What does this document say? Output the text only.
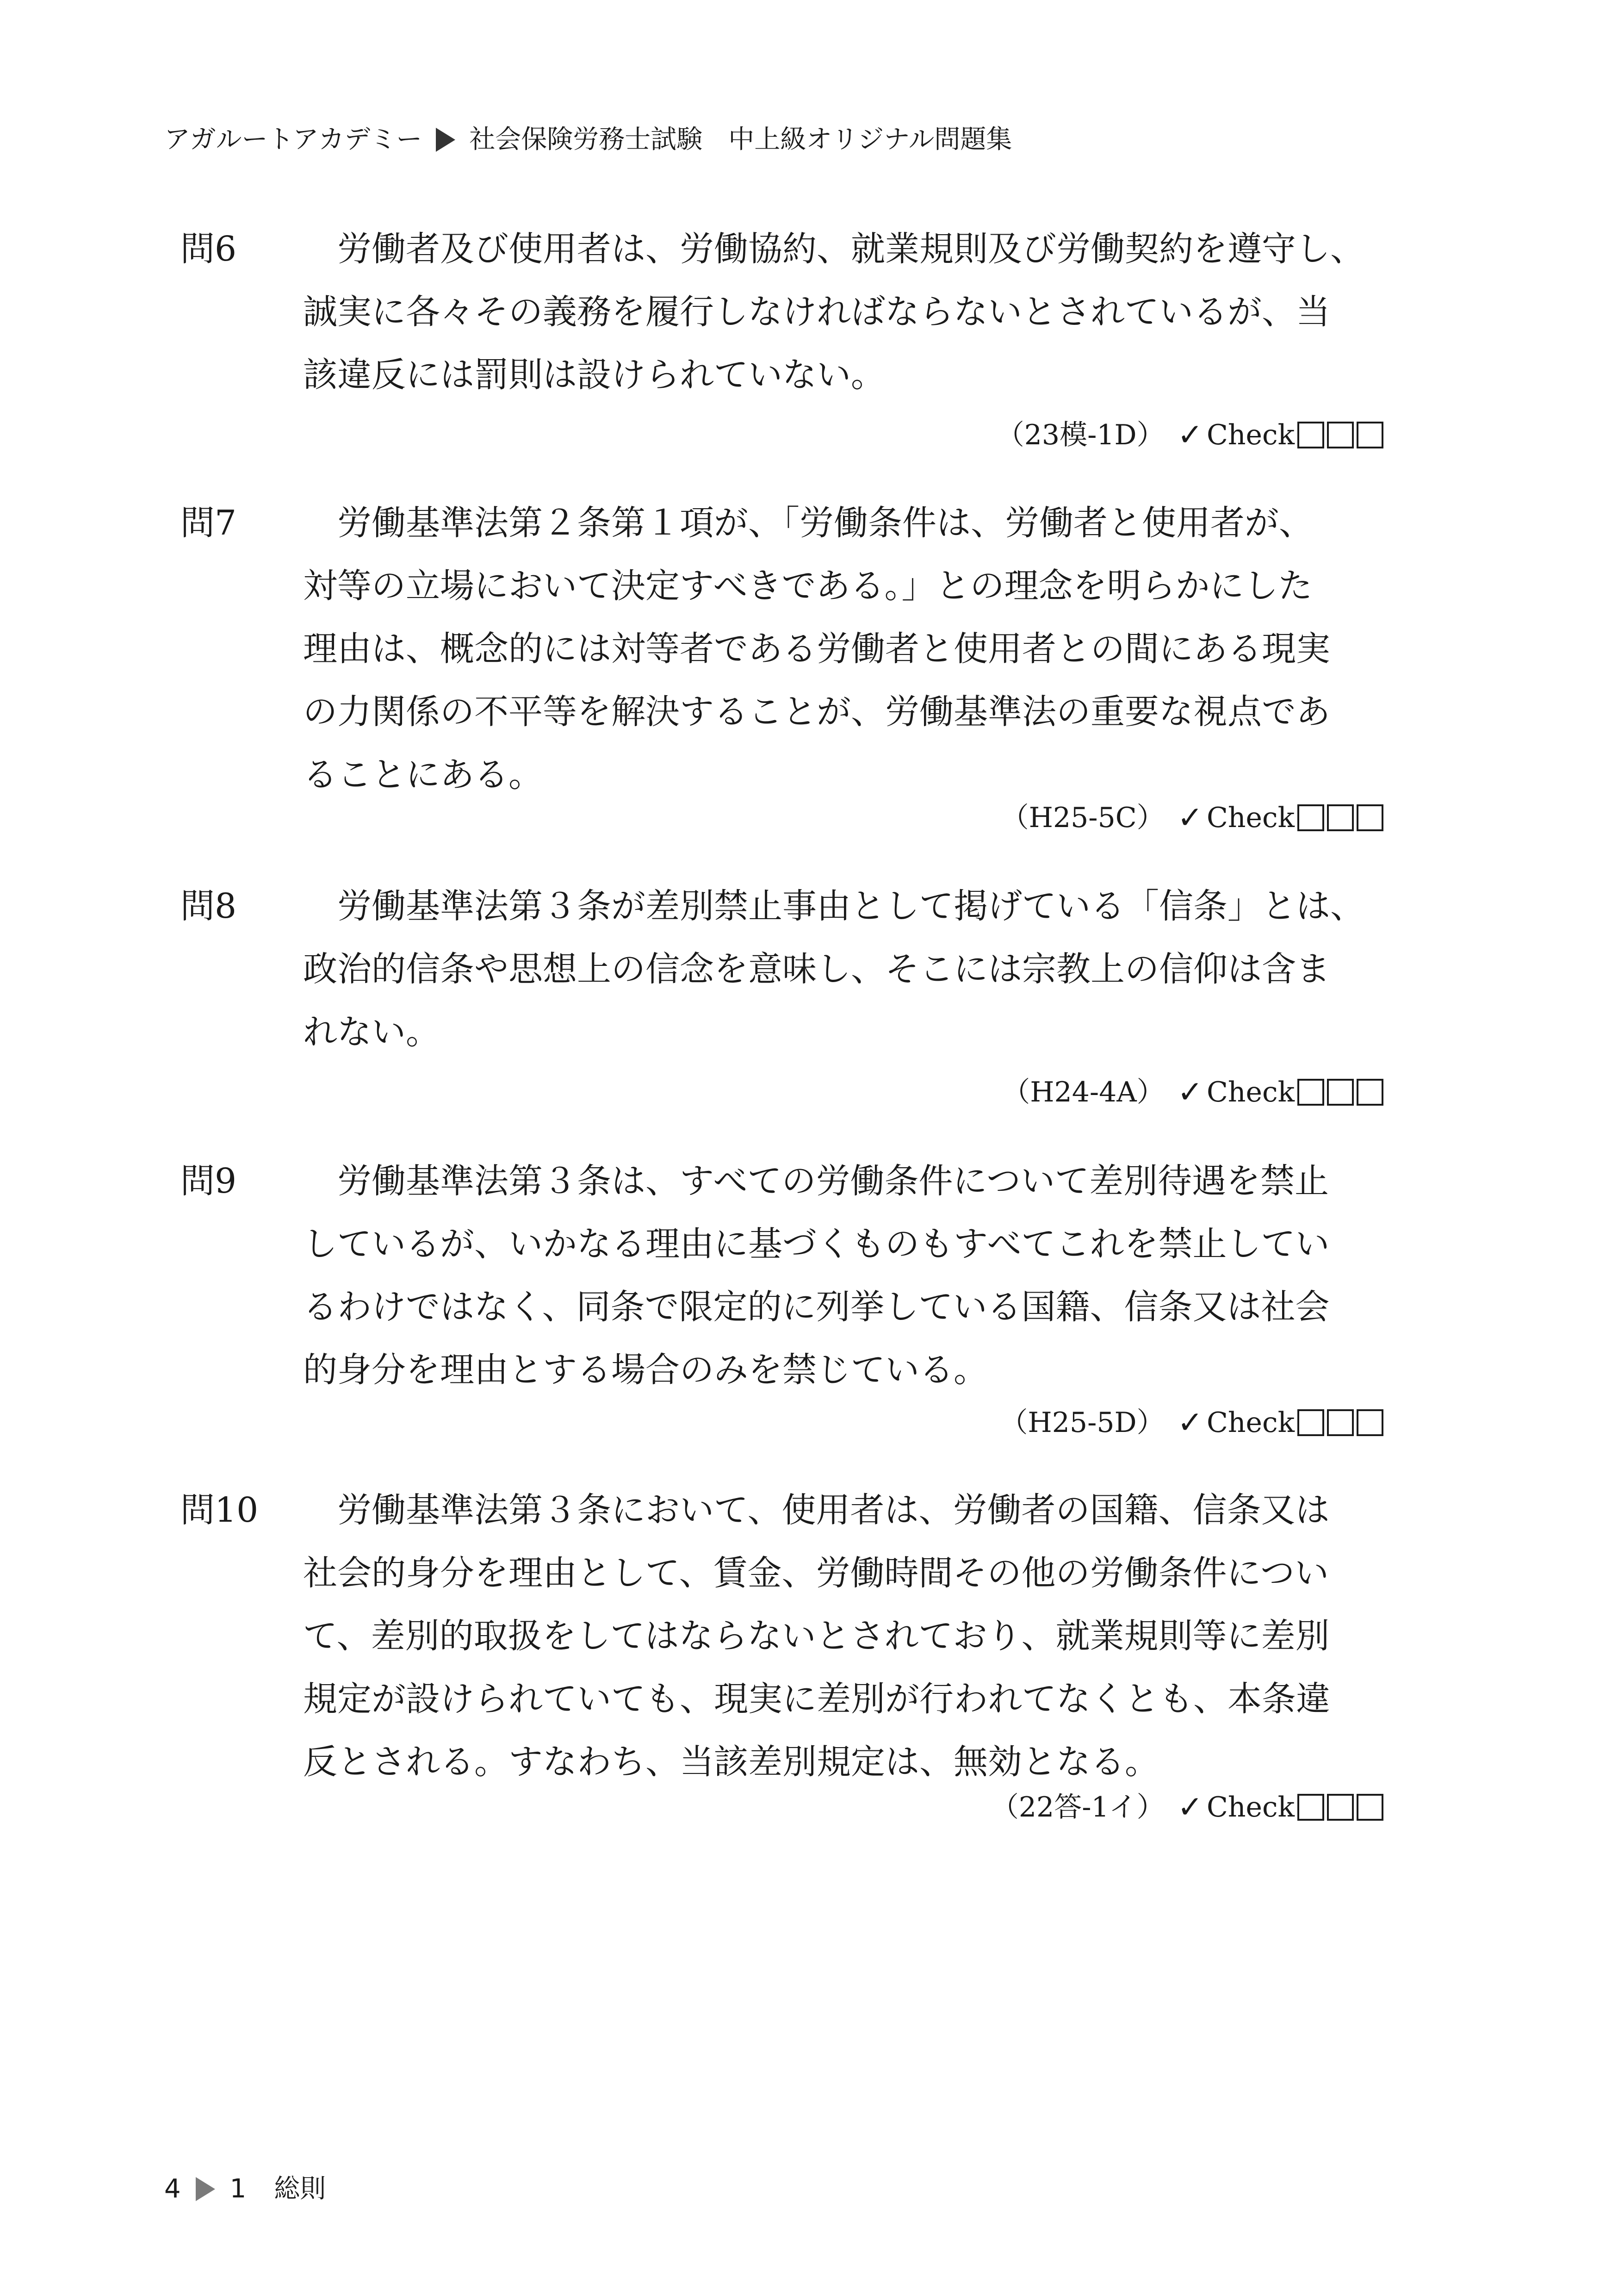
アガルートアカデミー 社会保険労務士試験　中上級オリジナル問題集
問6	労働者及び使用者は、労働協約、就業規則及び労働契約を遵守し、
誠実に各々その義務を履行しなければならないとされているが、当
該違反には罰則は設けられていない。
（23模-1D） ✓ Check
問7	労働基準法第２条第１項が、「労働条件は、労働者と使用者が、
対等の立場において決定すべきである。」との理念を明らかにした
理由は、概念的には対等者である労働者と使用者との間にある現実
の力関係の不平等を解決することが、労働基準法の重要な視点であ
ることにある。
（H25-5C） ✓ Check
問8	労働基準法第３条が差別禁止事由として掲げている「信条」とは、
政治的信条や思想上の信念を意味し、そこには宗教上の信仰は含ま
れない。
（H24-4A） ✓ Check
問9	労働基準法第３条は、すべての労働条件について差別待遇を禁止
しているが、いかなる理由に基づくものもすべてこれを禁止してい
るわけではなく、同条で限定的に列挙している国籍、信条又は社会
的身分を理由とする場合のみを禁じている。
（H25-5D） ✓ Check
問10	労働基準法第３条において、使用者は、労働者の国籍、信条又は
社会的身分を理由として、賃金、労働時間その他の労働条件につい
て、差別的取扱をしてはならないとされており、就業規則等に差別
規定が設けられていても、現実に差別が行われてなくとも、本条違
反とされる。すなわち、当該差別規定は、無効となる。
（22答-1イ） ✓ Check
4 1 総則
